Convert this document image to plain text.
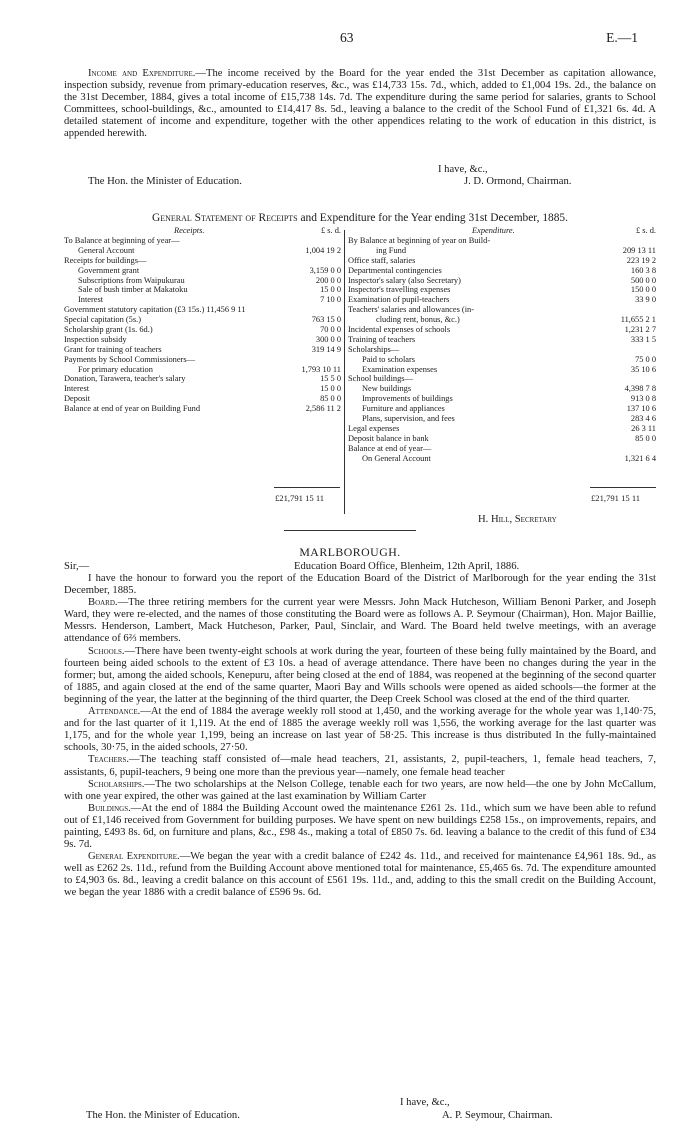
63	E.—1

Income and Expenditure.—The income received by the Board for the year ended the 31st December as capitation allowance, inspection subsidy, revenue from primary-education reserves, &c., was £14,733 15s. 7d., which, added to £1,004 19s. 2d., the balance on the 31st December, 1884, gives a total income of £15,738 14s. 7d. The expenditure during the same period for salaries, grants to School Committees, school-buildings, &c., amounted to £14,417 8s. 5d., leaving a balance to the credit of the School Fund of £1,321 6s. 4d. A detailed statement of income and expenditure, together with the other appendices relating to the work of education in this district, is appended herewith.

I have, &c.,
The Hon. the Minister of Education.	J. D. Ormond, Chairman.
General Statement of Receipts and Expenditure for the Year ending 31st December, 1885.
Receipts.	£ s. d.
To Balance at beginning of year—
General Account	1,004 19 2
Receipts for buildings—
Government grant	3,159 0 0
Subscriptions from Waipukurau	200 0 0
Sale of bush timber at Makatoku	15 0 0
Interest	7 10 0
Government statutory capitation (£3 15s.) 11,456 9 11
Special capitation (5s.)	763 15 0
Scholarship grant (1s. 6d.)	70 0 0
Inspection subsidy	300 0 0
Grant for training of teachers	319 14 9
Payments by School Commissioners—
For primary education	1,793 10 11
Donation, Tarawera, teacher's salary	15 5 0
Interest	15 0 0
Deposit	85 0 0
Balance at end of year on Building Fund	2,586 11 2
Expenditure.	£ s. d.
By Balance at beginning of year on Build-
ing Fund	209 13 11
Office staff, salaries	223 19 2
Departmental contingencies	160 3 8
Inspector's salary (also Secretary)	500 0 0
Inspector's travelling expenses	150 0 0
Examination of pupil-teachers	33 9 0
Teachers' salaries and allowances (in-
cluding rent, bonus, &c.)	11,655 2 1
Incidental expenses of schools	1,231 2 7
Training of teachers	333 1 5
Scholarships—
Paid to scholars	75 0 0
Examination expenses	35 10 6
School buildings—
New buildings	4,398 7 8
Improvements of buildings	913 0 8
Furniture and appliances	137 10 6
Plans, supervision, and fees	283 4 6
Legal expenses	26 3 11
Deposit balance in bank	85 0 0
Balance at end of year—
On General Account	1,321 6 4
£21,791 15 11	£21,791 15 11
H. Hill, Secretary
MARLBOROUGH.
Sir,—	Education Board Office, Blenheim, 12th April, 1886.

I have the honour to forward you the report of the Education Board of the District of Marlborough for the year ending the 31st December, 1885.

Board.—The three retiring members for the current year were Messrs. John Mack Hutcheson, William Benoni Parker, and Joseph Ward, they were re-elected, and the names of those constituting the Board were as follows A. P. Seymour (Chairman), Hon. Major Baillie, Messrs. Henderson, Lambert, Mack Hutcheson, Parker, Paul, Sinclair, and Ward. The Board held twelve meetings, with an average attendance of 6⅔ members.

Schools.—There have been twenty-eight schools at work during the year, fourteen of these being fully maintained by the Board, and fourteen being aided schools to the extent of £3 10s. a head of average attendance. There have been no changes during the year in the former; but, among the aided schools, Kenepuru, after being closed at the end of 1884, was reopened at the beginning of the second quarter of 1885, and again closed at the end of the same quarter, Maori Bay and Wills schools were opened as aided schools—the former at the beginning of the year, the latter at the beginning of the third quarter, the Deep Creek School was closed at the end of the third quarter.

Attendance.—At the end of 1884 the average weekly roll stood at 1,450, and the working average for the whole year was 1,140·75, and for the last quarter of it 1,119. At the end of 1885 the average weekly roll was 1,556, the working average for the last quarter was 1,175, and for the whole year 1,199, being an increase on last year of 58·25. This increase is thus distributed In the fully-maintained schools, 30·75, in the aided schools, 27·50.

Teachers.—The teaching staff consisted of—male head teachers, 21, assistants, 2, pupil-teachers, 1, female head teachers, 7, assistants, 6, pupil-teachers, 9 being one more than the previous year—namely, one female head teacher

Scholarships.—The two scholarships at the Nelson College, tenable each for two years, are now held—the one by John McCallum, with one year expired, the other was gained at the last examination by William Carter

Buildings.—At the end of 1884 the Building Account owed the maintenance £261 2s. 11d., which sum we have been able to refund out of £1,146 received from Government for building purposes. We have spent on new buildings £258 15s., on improvements, repairs, and painting, £493 8s. 6d, on furniture and plans, &c., £98 4s., making a total of £850 7s. 6d. leaving a balance to the credit of this fund of £34 9s. 7d.

General Expenditure.—We began the year with a credit balance of £242 4s. 11d., and received for maintenance £4,961 18s. 9d., as well as £262 2s. 11d., refund from the Building Account above mentioned total for maintenance, £5,465 6s. 7d. The expenditure amounted to £4,903 6s. 8d., leaving a credit balance on this account of £561 19s. 11d., and, adding to this the small credit on the Building Account, we began the year 1886 with a credit balance of £596 9s. 6d.

I have, &c.,
The Hon. the Minister of Education.	A. P. Seymour, Chairman.
